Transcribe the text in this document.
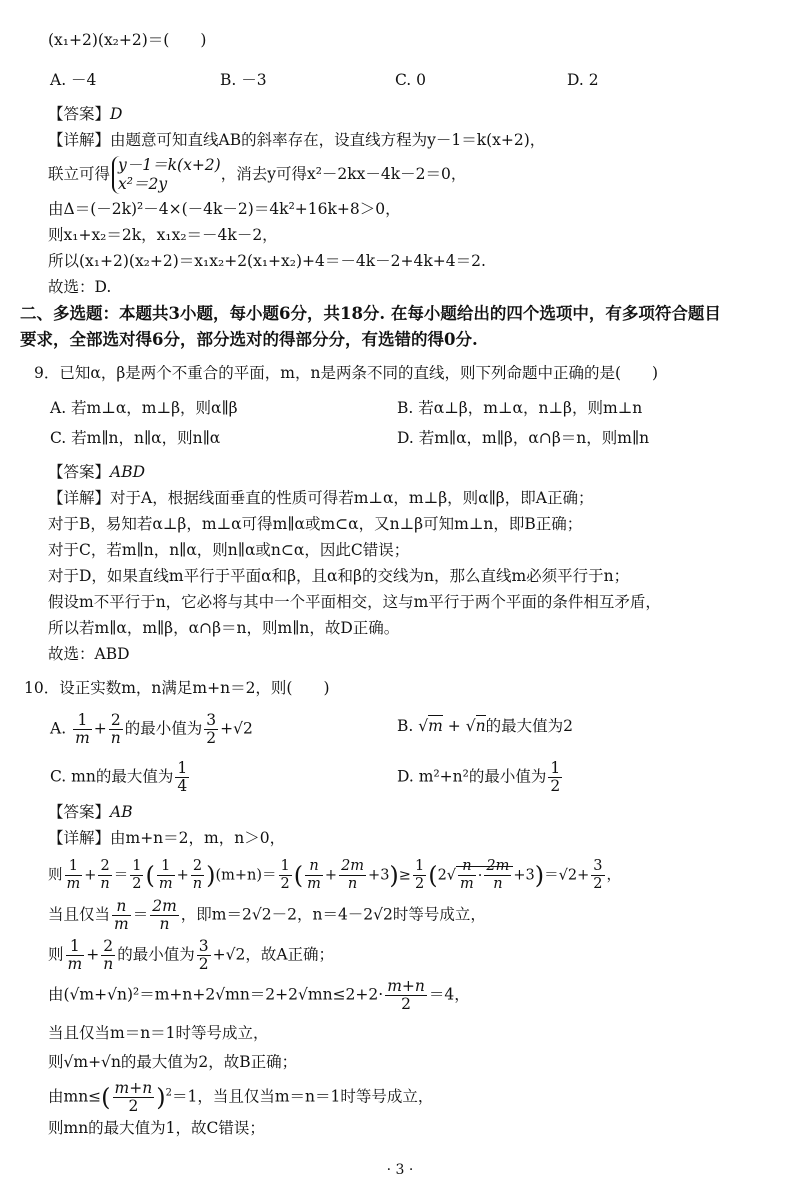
(x₁+2)(x₂+2)＝(　　)
A. －4	B. －3	C. 0	D. 2
【答案】D
【详解】由题意可知直线AB的斜率存在，设直线方程为y－1＝k(x+2)，
联立可得 y－1＝k(x+2)
x²＝2y
，消去y可得x²－2kx－4k－2＝0，
由Δ＝(－2k)²－4×(－4k－2)＝4k²+16k+8＞0，
则x₁+x₂＝2k，x₁x₂＝－4k－2，
所以(x₁+2)(x₂+2)＝x₁x₂+2(x₁+x₂)+4＝－4k－2+4k+4＝2.
故选：D.
二、多选题：本题共3小题，每小题6分，共18分. 在每小题给出的四个选项中，有多项符合题目
要求，全部选对得6分，部分选对的得部分分，有选错的得0分.
9．已知α，β是两个不重合的平面，m，n是两条不同的直线，则下列命题中正确的是(　　)
A. 若m⊥α，m⊥β，则α∥β	B. 若α⊥β，m⊥α，n⊥β，则m⊥n
C. 若m∥n，n∥α，则n∥α	D. 若m∥α，m∥β，α∩β＝n，则m∥n
【答案】ABD
【详解】对于A，根据线面垂直的性质可得若m⊥α，m⊥β，则α∥β，即A正确；
对于B，易知若α⊥β，m⊥α可得m∥α或m⊂α，又n⊥β可知m⊥n，即B正确；
对于C，若m∥n，n∥α，则n∥α或n⊂α，因此C错误；
对于D，如果直线m平行于平面α和β，且α和β的交线为n，那么直线m必须平行于n；
假设m不平行于n，它必将与其中一个平面相交，这与m平行于两个平面的条件相互矛盾，
所以若m∥α，m∥β，α∩β＝n，则m∥n，故D正确。
故选：ABD
10．设正实数m，n满足m+n＝2，则(　　)
A. $\frac{1}{m} + \frac{2}{n}$ 的最小值为 $\frac{3}{2} +√2$	B. √m + √n的最大值为2
C. mn的最大值为 $\frac{1}{4}$	D. m²+n²的最小值为 $\frac{1}{2}$
【答案】AB
【详解】由m+n＝2，m，n＞0，
则 $\frac{1}{m} + \frac{2}{n} = \frac{1}{2}$ ( $\frac{1}{m} + \frac{2}{n} )(m+n)= \frac{1}{2}$ ( $\frac{n}{m} + \frac{2m}{n} +3)\ge \frac{1}{2} (2√ \frac{n}{m} \cdot \frac{2m}{n} +3)=√2+ \frac{3}{2}$ ，
当且仅当 $\frac{n}{m} = \frac{2m}{n}$ ，即m＝2√2－2，n＝4－2√2时等号成立，
则 $\frac{1}{m} + \frac{2}{n}$ 的最小值为 $\frac{3}{2} +√2$，故A正确；
由$(√m+√n)^2=m+n+2√mn=2+2√mn\le 2+2\cdot \frac{m+n}{2} =4$，
当且仅当m＝n＝1时等号成立，
则√m+√n的最大值为2，故B正确；
由$mn\le( \frac{m+n}{2} )^2=1$，当且仅当m＝n＝1时等号成立，
则mn的最大值为1，故C错误；
· 3 ·
